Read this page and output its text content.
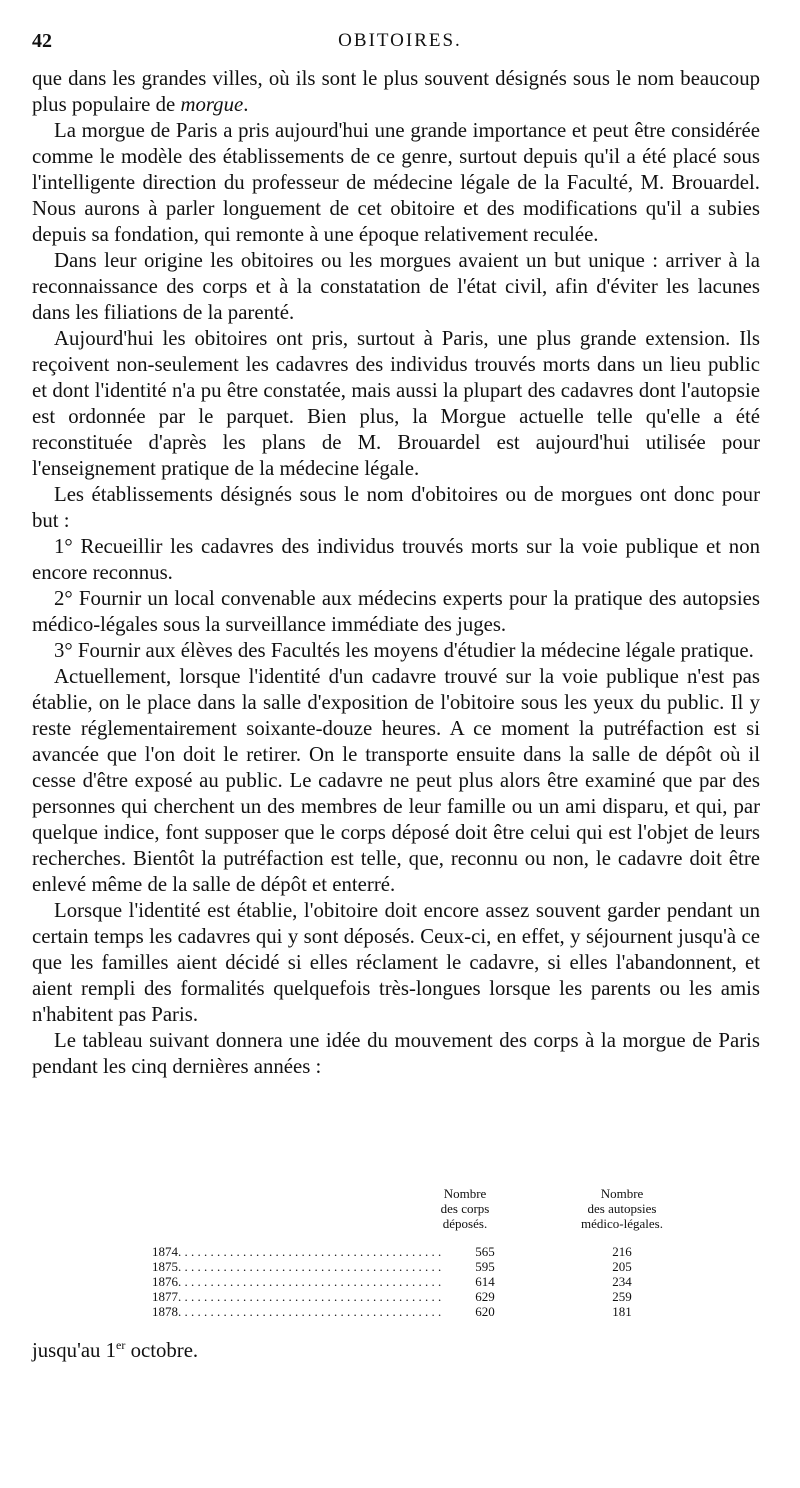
42	OBITOIRES.

que dans les grandes villes, où ils sont le plus souvent désignés sous le nom beaucoup plus populaire de morgue.

La morgue de Paris a pris aujourd'hui une grande importance et peut être considérée comme le modèle des établissements de ce genre, surtout depuis qu'il a été placé sous l'intelligente direction du professeur de médecine légale de la Faculté, M. Brouardel. Nous aurons à parler longuement de cet obitoire et des modifications qu'il a subies depuis sa fondation, qui remonte à une époque relativement reculée.

Dans leur origine les obitoires ou les morgues avaient un but unique : arriver à la reconnaissance des corps et à la constatation de l'état civil, afin d'éviter les lacunes dans les filiations de la parenté.

Aujourd'hui les obitoires ont pris, surtout à Paris, une plus grande extension. Ils reçoivent non-seulement les cadavres des individus trouvés morts dans un lieu public et dont l'identité n'a pu être constatée, mais aussi la plupart des cadavres dont l'autopsie est ordonnée par le parquet. Bien plus, la Morgue actuelle telle qu'elle a été reconstituée d'après les plans de M. Brouardel est aujourd'hui utilisée pour l'enseignement pratique de la médecine légale.

Les établissements désignés sous le nom d'obitoires ou de morgues ont donc pour but :

1° Recueillir les cadavres des individus trouvés morts sur la voie publique et non encore reconnus.

2° Fournir un local convenable aux médecins experts pour la pratique des autopsies médico-légales sous la surveillance immédiate des juges.

3° Fournir aux élèves des Facultés les moyens d'étudier la médecine légale pratique.

Actuellement, lorsque l'identité d'un cadavre trouvé sur la voie publique n'est pas établie, on le place dans la salle d'exposition de l'obitoire sous les yeux du public. Il y reste réglementairement soixante-douze heures. A ce moment la putréfaction est si avancée que l'on doit le retirer. On le transporte ensuite dans la salle de dépôt où il cesse d'être exposé au public. Le cadavre ne peut plus alors être examiné que par des personnes qui cherchent un des membres de leur famille ou un ami disparu, et qui, par quelque indice, font supposer que le corps déposé doit être celui qui est l'objet de leurs recherches. Bientôt la putréfaction est telle, que, reconnu ou non, le cadavre doit être enlevé même de la salle de dépôt et enterré.

Lorsque l'identité est établie, l'obitoire doit encore assez souvent garder pendant un certain temps les cadavres qui y sont déposés. Ceux-ci, en effet, y séjournent jusqu'à ce que les familles aient décidé si elles réclament le cadavre, si elles l'abandonnent, et aient rempli des formalités quelquefois très-longues lorsque les parents ou les amis n'habitent pas Paris.

Le tableau suivant donnera une idée du mouvement des corps à la morgue de Paris pendant les cinq dernières années :

Nombre
des corps
déposés.
Nombre
des autopsies
médico-légales.
1874. . . .	565	216
1875. . . .	595	205
1876. . . .	614	234
1877. . . .	629	259
1878. . . .	620	181
jusqu'au 1er octobre.
